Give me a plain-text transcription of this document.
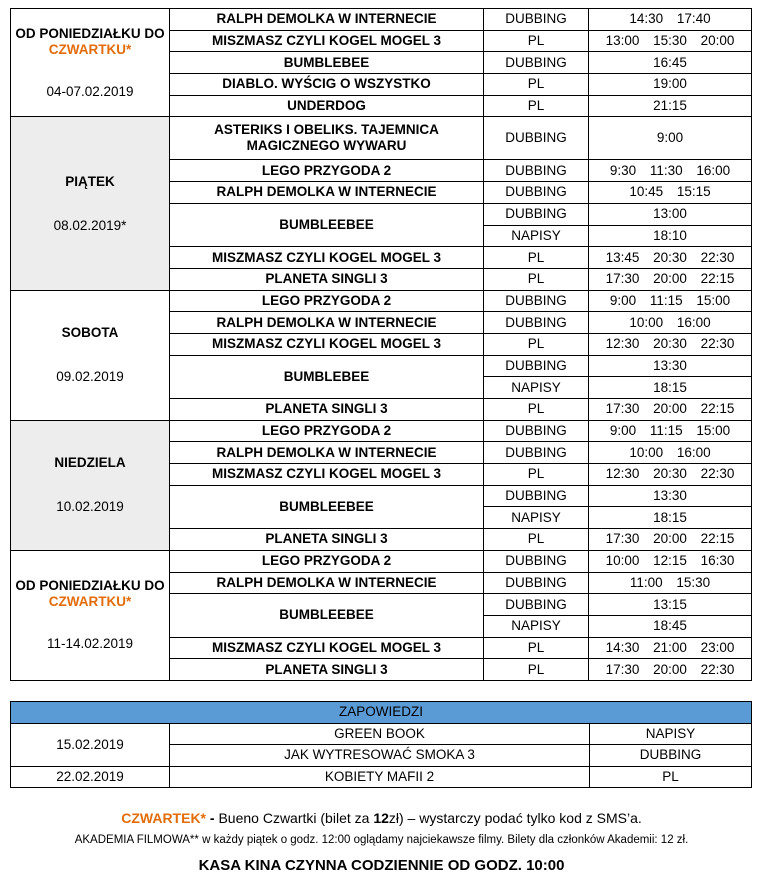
OD PONIEDZIAŁKU DO
CZWARTKU*
04-07.02.2019	RALPH DEMOLKA W INTERNECIE	DUBBING	14:30 17:40
	MISZMASZ CZYLI KOGEL MOGEL 3	PL	13:00 15:30 20:00
	BUMBLEBEE	DUBBING	16:45
	DIABLO. WYŚCIG O WSZYSTKO	PL	19:00
	UNDERDOG	PL	21:15

PIĄTEK
08.02.2019*	ASTERIKS I OBELIKS. TAJEMNICA MAGICZNEGO WYWARU	DUBBING	9:00
	LEGO PRZYGODA 2	DUBBING	9:30 11:30 16:00
	RALPH DEMOLKA W INTERNECIE	DUBBING	10:45 15:15
	BUMBLEEBEE	DUBBING	13:00
		NAPISY	18:10
	MISZMASZ CZYLI KOGEL MOGEL 3	PL	13:45 20:30 22:30
	PLANETA SINGLI 3	PL	17:30 20:00 22:15

SOBOTA
09.02.2019	LEGO PRZYGODA 2	DUBBING	9:00 11:15 15:00
	RALPH DEMOLKA W INTERNECIE	DUBBING	10:00 16:00
	MISZMASZ CZYLI KOGEL MOGEL 3	PL	12:30 20:30 22:30
	BUMBLEBEE	DUBBING	13:30
		NAPISY	18:15
	PLANETA SINGLI 3	PL	17:30 20:00 22:15

NIEDZIELA
10.02.2019	LEGO PRZYGODA 2	DUBBING	9:00 11:15 15:00
	RALPH DEMOLKA W INTERNECIE	DUBBING	10:00 16:00
	MISZMASZ CZYLI KOGEL MOGEL 3	PL	12:30 20:30 22:30
	BUMBLEEBEE	DUBBING	13:30
		NAPISY	18:15
	PLANETA SINGLI 3	PL	17:30 20:00 22:15

OD PONIEDZIAŁKU DO
CZWARTKU*
11-14.02.2019	LEGO PRZYGODA 2	DUBBING	10:00 12:15 16:30
	RALPH DEMOLKA W INTERNECIE	DUBBING	11:00 15:30
	BUMBLEEBEE	DUBBING	13:15
		NAPISY	18:45
	MISZMASZ CZYLI KOGEL MOGEL 3	PL	14:30 21:00 23:00
	PLANETA SINGLI 3	PL	17:30 20:00 22:30
ZAPOWIEDZI		
15.02.2019	GREEN BOOK	NAPISY
	JAK WYTRESOWAĆ SMOKA 3	DUBBING
22.02.2019	KOBIETY MAFII 2	PL
CZWARTEK* - Bueno Czwartki (bilet za 12zł) – wystarczy podać tylko kod z SMS’a.
AKADEMIA FILMOWA** w każdy piątek o godz. 12:00 oglądamy najciekawsze filmy. Bilety dla członków Akademii: 12 zł.
KASA KINA CZYNNA CODZIENNIE OD GODZ. 10:00
